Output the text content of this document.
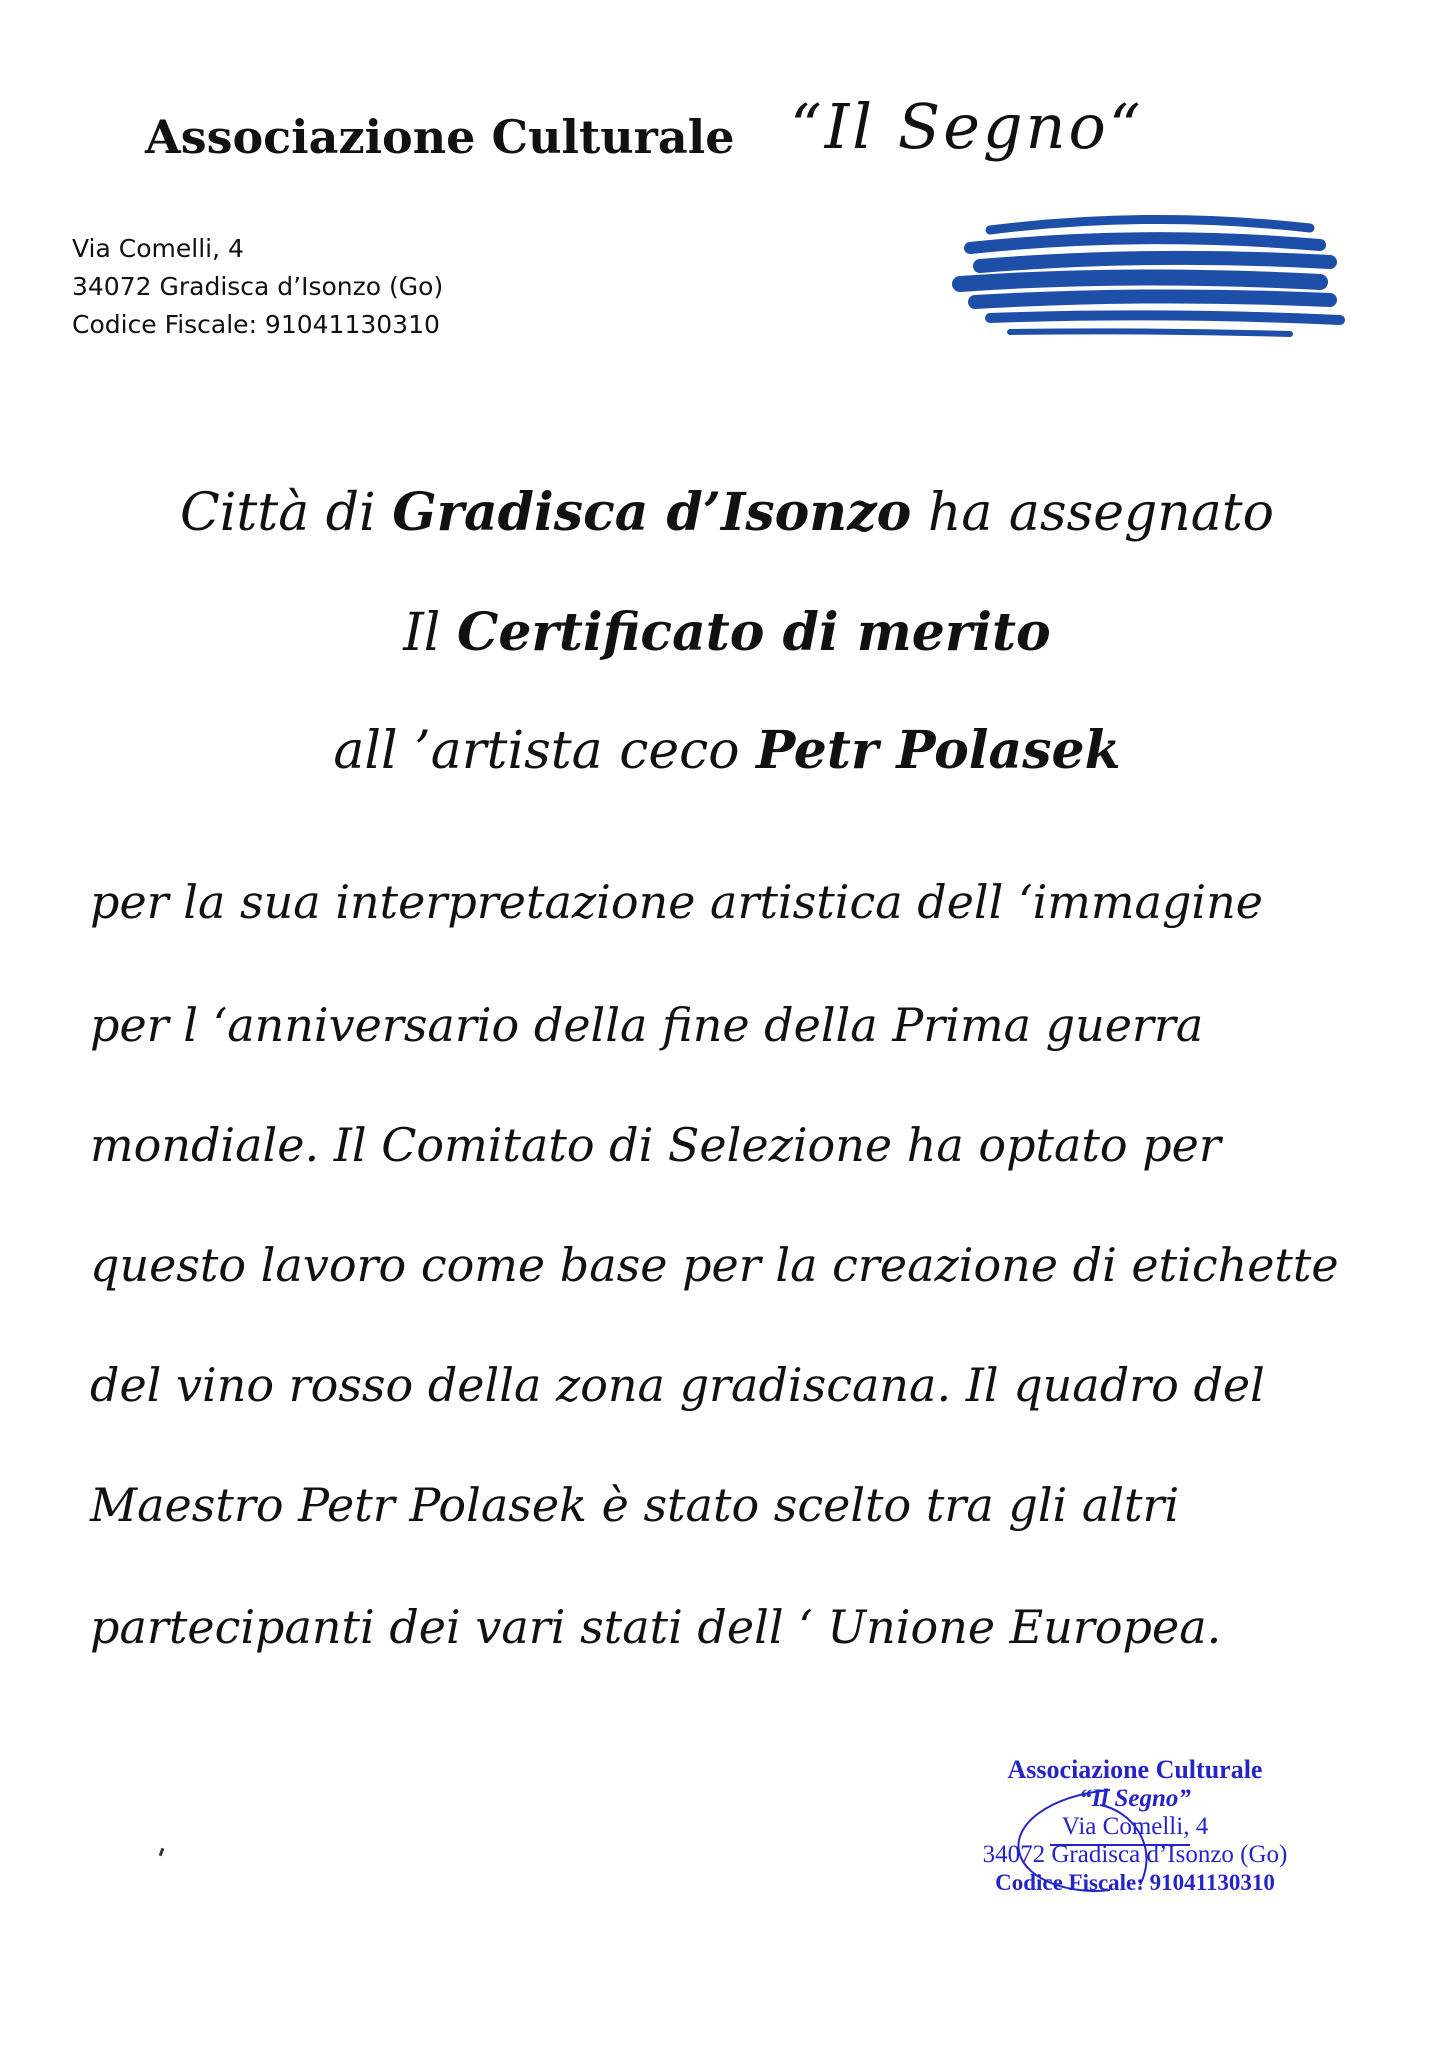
Associazione Culturale “Il Segno“
Via Comelli, 4
34072 Gradisca d’Isonzo (Go)
Codice Fiscale: 91041130310
Città di Gradisca d’Isonzo ha assegnato
Il Certificato di merito
all ’artista ceco Petr Polasek
per la sua interpretazione artistica dell ‘immagine
per l ‘anniversario della fine della Prima guerra
mondiale. Il Comitato di Selezione ha optato per
questo lavoro come base per la creazione di etichette
del vino rosso della zona gradiscana. Il quadro del
Maestro Petr Polasek è stato scelto tra gli altri
partecipanti dei vari stati dell ‘ Unione Europea.
Associazione Culturale
“Il Segno”
Via Comelli, 4
34072 Gradisca d’Isonzo (Go)
Codice Fiscale: 91041130310
